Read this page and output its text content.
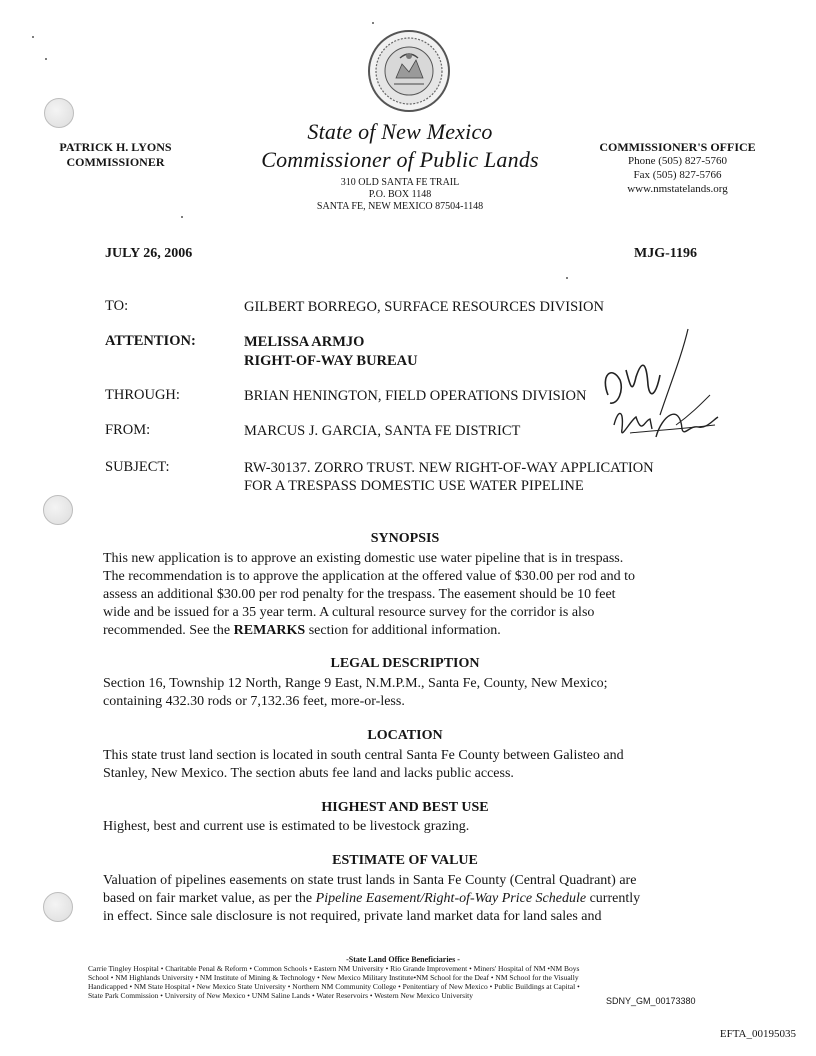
PATRICK H. LYONS
COMMISSIONER
State of New Mexico
Commissioner of Public Lands
310 OLD SANTA FE TRAIL
P.O. BOX 1148
SANTA FE, NEW MEXICO 87504-1148
COMMISSIONER'S OFFICE
Phone (505) 827-5760
Fax (505) 827-5766
www.nmstatelands.org
JULY 26, 2006	MJG-1196
TO:	GILBERT BORREGO, SURFACE RESOURCES DIVISION
ATTENTION:	MELISSA ARMJO
RIGHT-OF-WAY BUREAU
THROUGH:	BRIAN HENINGTON, FIELD OPERATIONS DIVISION
FROM:	MARCUS J. GARCIA, SANTA FE DISTRICT
SUBJECT:	RW-30137. ZORRO TRUST. NEW RIGHT-OF-WAY APPLICATION
FOR A TRESPASS DOMESTIC USE WATER PIPELINE
SYNOPSIS
This new application is to approve an existing domestic use water pipeline that is in trespass.
The recommendation is to approve the application at the offered value of $30.00 per rod and to
assess an additional $30.00 per rod penalty for the trespass. The easement should be 10 feet
wide and be issued for a 35 year term. A cultural resource survey for the corridor is also
recommended. See the REMARKS section for additional information.
LEGAL DESCRIPTION
Section 16, Township 12 North, Range 9 East, N.M.P.M., Santa Fe, County, New Mexico;
containing 432.30 rods or 7,132.36 feet, more-or-less.
LOCATION
This state trust land section is located in south central Santa Fe County between Galisteo and
Stanley, New Mexico. The section abuts fee land and lacks public access.
HIGHEST AND BEST USE
Highest, best and current use is estimated to be livestock grazing.
ESTIMATE OF VALUE
Valuation of pipelines easements on state trust lands in Santa Fe County (Central Quadrant) are
based on fair market value, as per the Pipeline Easement/Right-of-Way Price Schedule currently
in effect. Since sale disclosure is not required, private land market data for land sales and
-State Land Office Beneficiaries -
Carrie Tingley Hospital • Charitable Penal & Reform • Common Schools • Eastern NM University • Rio Grande Improvement • Miners' Hospital of NM •NM Boys
School • NM Highlands University • NM Institute of Mining & Technology • New Mexico Military Institute•NM School for the Deaf • NM School for the Visually
Handicapped • NM State Hospital • New Mexico State University • Northern NM Community College • Penitentiary of New Mexico • Public Buildings at Capital •
State Park Commission • University of New Mexico • UNM Saline Lands • Water Reservoirs • Western New Mexico University
SDNY_GM_00173380
EFTA_00195035
